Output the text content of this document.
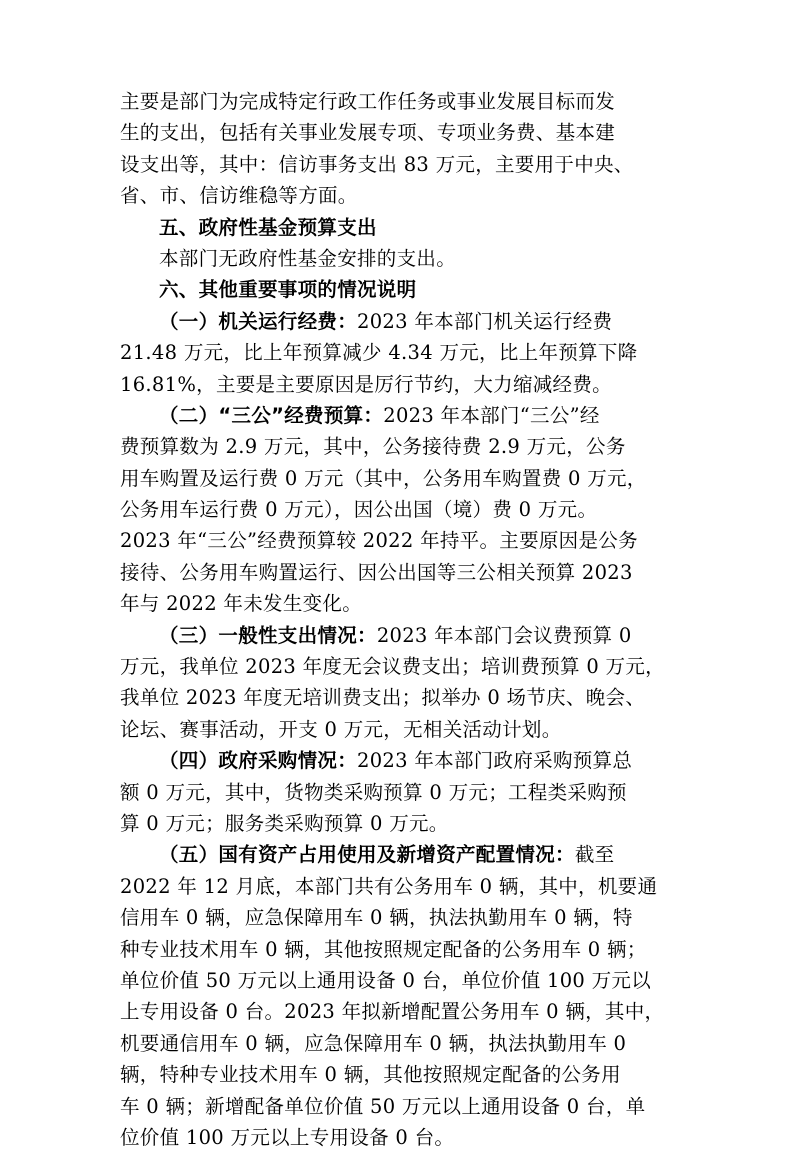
主要是部门为完成特定行政工作任务或事业发展目标而发
生的支出，包括有关事业发展专项、专项业务费、基本建
设支出等，其中：信访事务支出 83 万元，主要用于中央、
省、市、信访维稳等方面。
五、政府性基金预算支出
本部门无政府性基金安排的支出。
六、其他重要事项的情况说明
（一）机关运行经费：2023 年本部门机关运行经费
21.48 万元，比上年预算减少 4.34 万元，比上年预算下降
16.81%，主要是主要原因是厉行节约，大力缩减经费。
（二）“三公”经费预算：2023 年本部门“三公”经
费预算数为 2.9 万元，其中，公务接待费 2.9 万元，公务
用车购置及运行费 0 万元（其中，公务用车购置费 0 万元，
公务用车运行费 0 万元），因公出国（境）费 0 万元。
2023 年“三公”经费预算较 2022 年持平。主要原因是公务
接待、公务用车购置运行、因公出国等三公相关预算 2023
年与 2022 年未发生变化。
（三）一般性支出情况：2023 年本部门会议费预算 0
万元，我单位 2023 年度无会议费支出；培训费预算 0 万元，
我单位 2023 年度无培训费支出；拟举办 0 场节庆、晚会、
论坛、赛事活动，开支 0 万元，无相关活动计划。
（四）政府采购情况：2023 年本部门政府采购预算总
额 0 万元，其中，货物类采购预算 0 万元；工程类采购预
算 0 万元；服务类采购预算 0 万元。
（五）国有资产占用使用及新增资产配置情况：截至
2022 年 12 月底，本部门共有公务用车 0 辆，其中，机要通
信用车 0 辆，应急保障用车 0 辆，执法执勤用车 0 辆，特
种专业技术用车 0 辆，其他按照规定配备的公务用车 0 辆；
单位价值 50 万元以上通用设备 0 台，单位价值 100 万元以
上专用设备 0 台。2023 年拟新增配置公务用车 0 辆，其中，
机要通信用车 0 辆，应急保障用车 0 辆，执法执勤用车 0
辆，特种专业技术用车 0 辆，其他按照规定配备的公务用
车 0 辆；新增配备单位价值 50 万元以上通用设备 0 台，单
位价值 100 万元以上专用设备 0 台。
